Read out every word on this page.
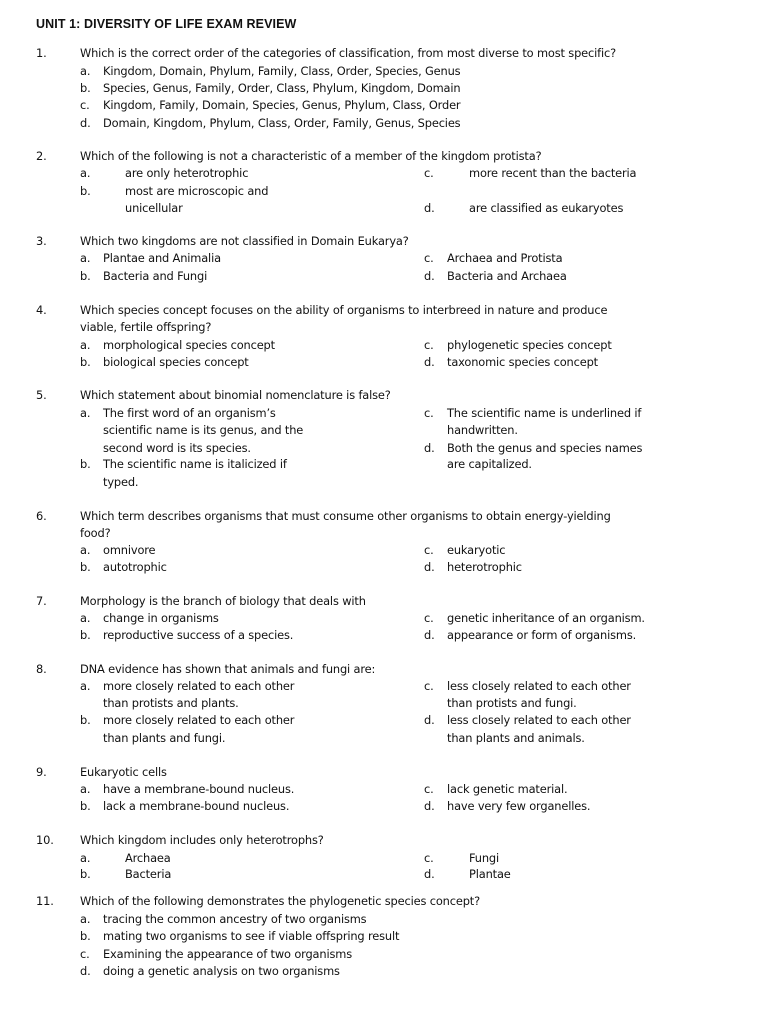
UNIT 1: DIVERSITY OF LIFE EXAM REVIEW
1.	Which is the correct order of the categories of classification, from most diverse to most specific?
a. Kingdom, Domain, Phylum, Family, Class, Order, Species, Genus
b. Species, Genus, Family, Order, Class, Phylum, Kingdom, Domain
c. Kingdom, Family, Domain, Species, Genus, Phylum, Class, Order
d. Domain, Kingdom, Phylum, Class, Order, Family, Genus, Species
2.	Which of the following is not a characteristic of a member of the kingdom protista?
a.	are only heterotrophic	c.	more recent than the bacteria
b.	most are microscopic and
unicellular	d.	are classified as eukaryotes
3.	Which two kingdoms are not classified in Domain Eukarya?
a. Plantae and Animalia	c. Archaea and Protista
b. Bacteria and Fungi	d. Bacteria and Archaea
4.	Which species concept focuses on the ability of organisms to interbreed in nature and produce
viable, fertile offspring?
a. morphological species concept	c. phylogenetic species concept
b. biological species concept	d. taxonomic species concept
5.	Which statement about binomial nomenclature is false?
a. The first word of an organism’s
scientific name is its genus, and the
second word is its species.
b. The scientific name is italicized if
typed.
c. The scientific name is underlined if
handwritten.
d. Both the genus and species names
are capitalized.
6.	Which term describes organisms that must consume other organisms to obtain energy-yielding
food?
a. omnivore	c. eukaryotic
b. autotrophic	d. heterotrophic
7.	Morphology is the branch of biology that deals with
a. change in organisms	c. genetic inheritance of an organism.
b. reproductive success of a species.	d. appearance or form of organisms.
8.	DNA evidence has shown that animals and fungi are:
a. more closely related to each other
than protists and plants.
b. more closely related to each other
than plants and fungi.
c. less closely related to each other
than protists and fungi.
d. less closely related to each other
than plants and animals.
9.	Eukaryotic cells
a. have a membrane-bound nucleus.	c. lack genetic material.
b. lack a membrane-bound nucleus.	d. have very few organelles.
10. Which kingdom includes only heterotrophs?
a.	Archaea	c.	Fungi
b.	Bacteria	d.	Plantae
11. Which of the following demonstrates the phylogenetic species concept?
a. tracing the common ancestry of two organisms
b. mating two organisms to see if viable offspring result
c. Examining the appearance of two organisms
d. doing a genetic analysis on two organisms
